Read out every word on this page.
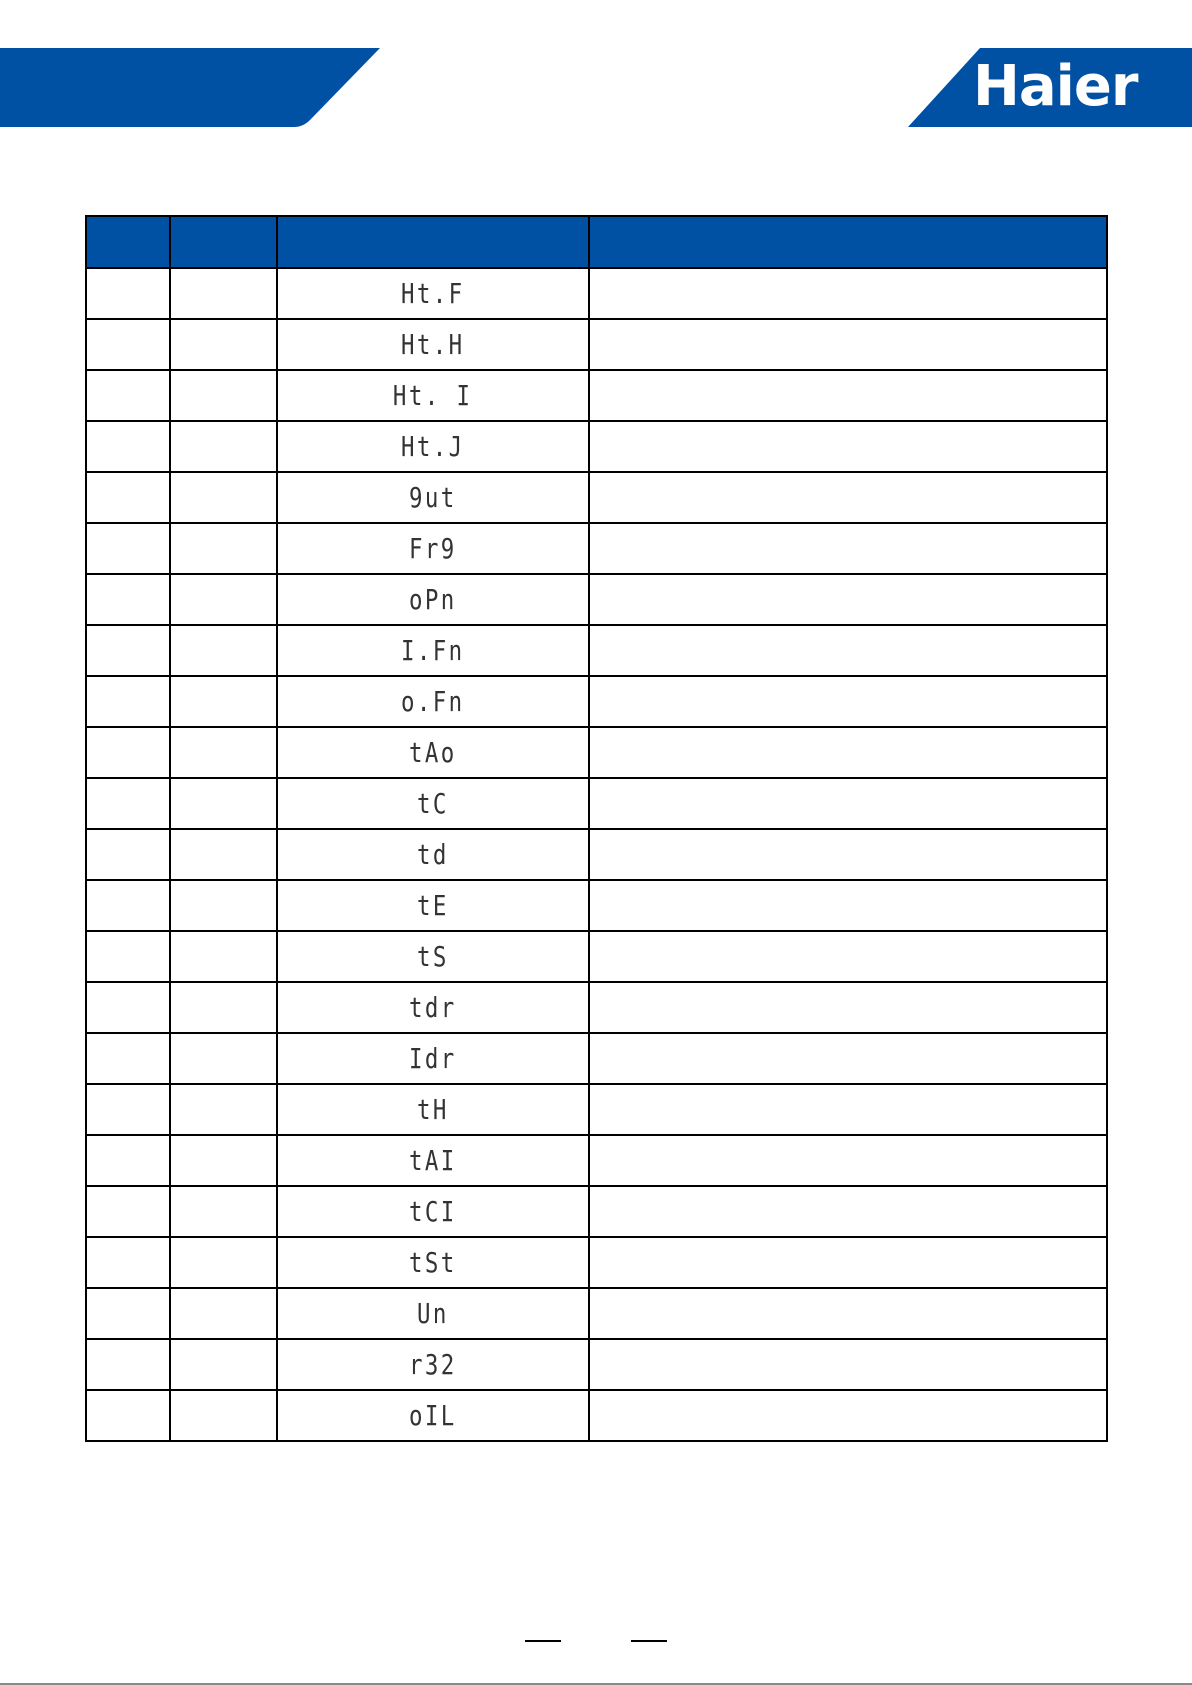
Haier

		Ht.F	
		Ht.H	
		Ht. I	
		Ht.J	
		9ut	
		Fr9	
		oPn	
		I.Fn	
		o.Fn	
		tAo	
		tC	
		td	
		tE	
		tS	
		tdr	
		Idr	
		tH	
		tAI	
		tCI	
		tSt	
		Un	
		r32	
		oIL	
